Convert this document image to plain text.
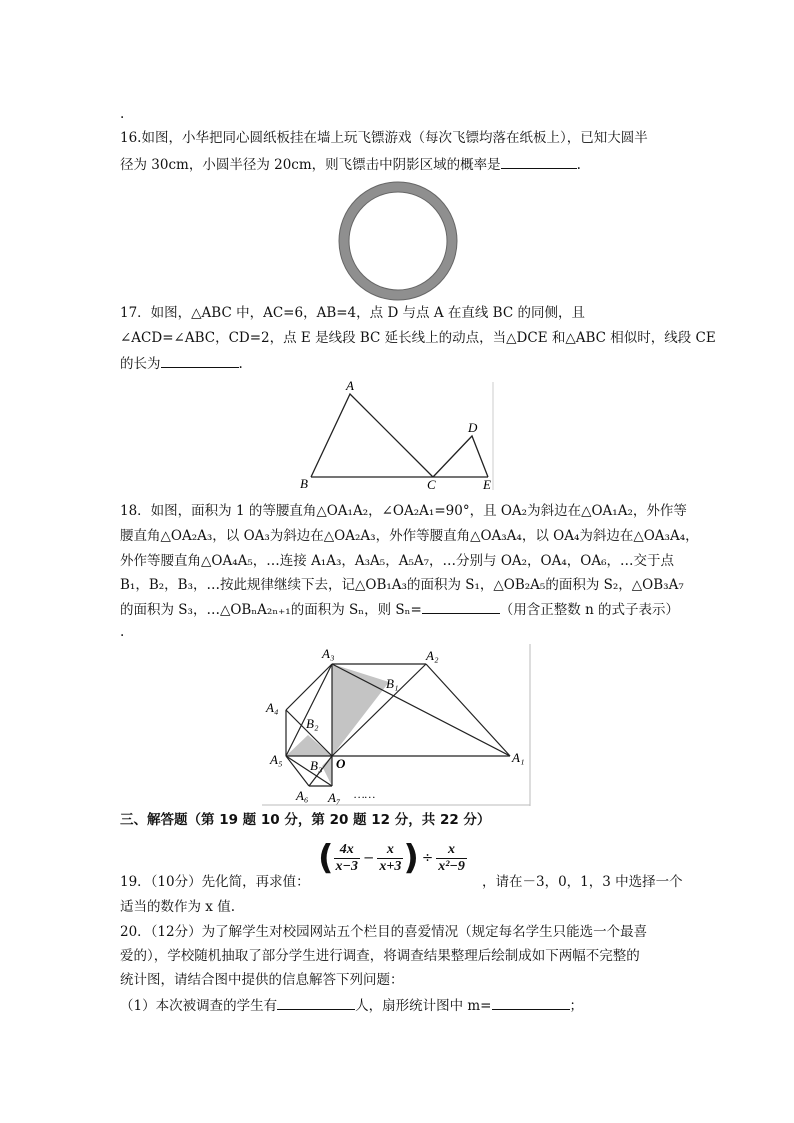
.
16.如图，小华把同心圆纸板挂在墙上玩飞镖游戏（每次飞镖均落在纸板上），已知大圆半
径为 30cm，小圆半径为 20cm，则飞镖击中阴影区域的概率是	.
17．如图，△ABC 中，AC=6，AB=4，点 D 与点 A 在直线 BC 的同侧，且
∠ACD=∠ABC，CD=2，点 E 是线段 BC 延长线上的动点，当△DCE 和△ABC 相似时，线段 CE
的长为	.
A
B	C
D
E
18．如图，面积为 1 的等腰直角△OA₁A₂，∠OA₂A₁=90°，且 OA₂为斜边在△OA₁A₂，外作等
腰直角△OA₂A₃，以 OA₃为斜边在△OA₂A₃，外作等腰直角△OA₃A₄，以 OA₄为斜边在△OA₃A₄，
外作等腰直角△OA₄A₅，…连接 A₁A₃，A₃A₅，A₅A₇，…分别与 OA₂，OA₄，OA₆，…交于点
B₁，B₂，B₃，…按此规律继续下去，记△OB₁A₃的面积为 S₁，△OB₂A₅的面积为 S₂，△OB₃A₇
的面积为 S₃，…△OBₙA₂ₙ₊₁的面积为 Sₙ，则 Sₙ=	（用含正整数 n 的式子表示）
.
A₃	A₂
B₁
A₄
B₂
A₅ B₃ O	A₁
A₆ A₇ ……
三、解答题（第 19 题 10 分，第 20 题 12 分，共 22 分）
( $\frac{4x}{x-3} - \frac{x}{x+3}$ ) ÷ $\frac{x}{\text{x²−9}}$
19．（10分）先化简，再求值：	，请在－3，0，1，3 中选择一个
适当的数作为 x 值.
20．（12分）为了解学生对校园网站五个栏目的喜爱情况（规定每名学生只能选一个最喜
爱的），学校随机抽取了部分学生进行调查，将调查结果整理后绘制成如下两幅不完整的
统计图，请结合图中提供的信息解答下列问题：
（1）本次被调查的学生有	人，扇形统计图中 m=	；
